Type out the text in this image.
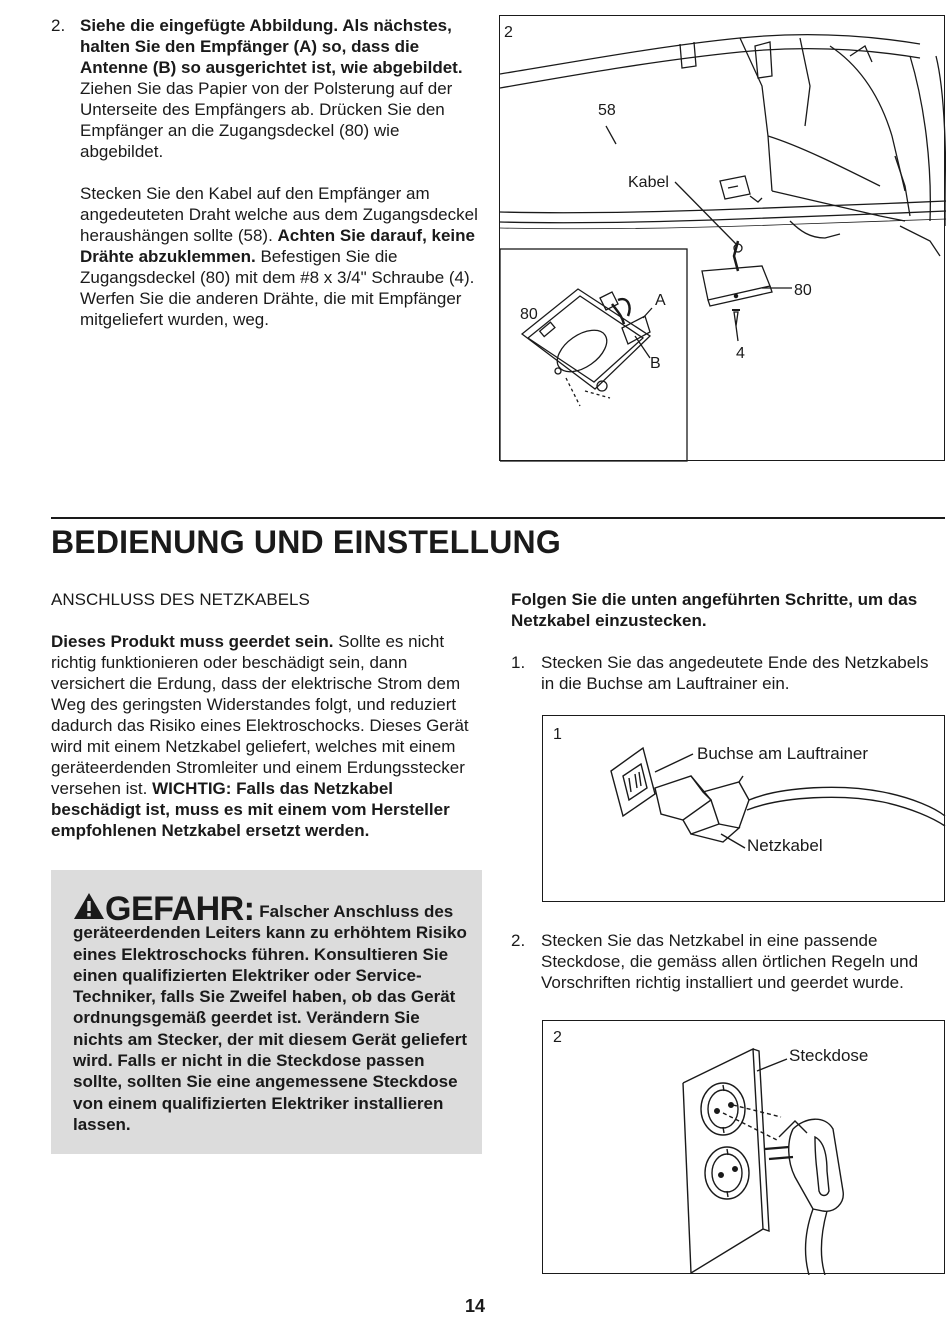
2. Siehe die eingefügte Abbildung. Als nächstes, halten Sie den Empfänger (A) so, dass die Antenne (B) so ausgerichtet ist, wie abgebildet. Ziehen Sie das Papier von der Polsterung auf der Unterseite des Empfängers ab. Drücken Sie den Empfänger an die Zugangsdeckel (80) wie abgebildet.

Stecken Sie den Kabel auf den Empfänger am angedeuteten Draht welche aus dem Zugangsdeckel heraushängen sollte (58). Achten Sie darauf, keine Drähte abzuklemmen. Befestigen Sie die Zugangsdeckel (80) mit dem #8 x 3/4" Schraube (4). Werfen Sie die anderen Drähte, die mit Empfänger mitgeliefert wurden, weg.

2
58
Kabel
80
A
B
80
4
BEDIENUNG UND EINSTELLUNG
ANSCHLUSS DES NETZKABELS
Dieses Produkt muss geerdet sein. Sollte es nicht richtig funktionieren oder beschädigt sein, dann versichert die Erdung, dass der elektrische Strom dem Weg des geringsten Widerstandes folgt, und reduziert dadurch das Risiko eines Elektroschocks. Dieses Gerät wird mit einem Netzkabel geliefert, welches mit einem geräteerdenden Stromleiter und einem Erdungsstecker versehen ist. WICHTIG: Falls das Netzkabel beschädigt ist, muss es mit einem vom Hersteller empfohlenen Netzkabel ersetzt werden.
GEFAHR: Falscher Anschluss des geräteerdenden Leiters kann zu erhöhtem Risiko eines Elektroschocks führen. Konsultieren Sie einen qualifizierten Elektriker oder Service-Techniker, falls Sie Zweifel haben, ob das Gerät ordnungsgemäß geerdet ist. Verändern Sie nichts am Stecker, der mit diesem Gerät geliefert wird. Falls er nicht in die Steckdose passen sollte, sollten Sie eine angemessene Steckdose von einem qualifizierten Elektriker installieren lassen.
Folgen Sie die unten angeführten Schritte, um das Netzkabel einzustecken.
1. Stecken Sie das angedeutete Ende des Netzkabels in die Buchse am Lauftrainer ein.
1
Buchse am Lauftrainer
Netzkabel
2. Stecken Sie das Netzkabel in eine passende Steckdose, die gemäss allen örtlichen Regeln und Vorschriften richtig installiert und geerdet wurde.
2
Steckdose
14
